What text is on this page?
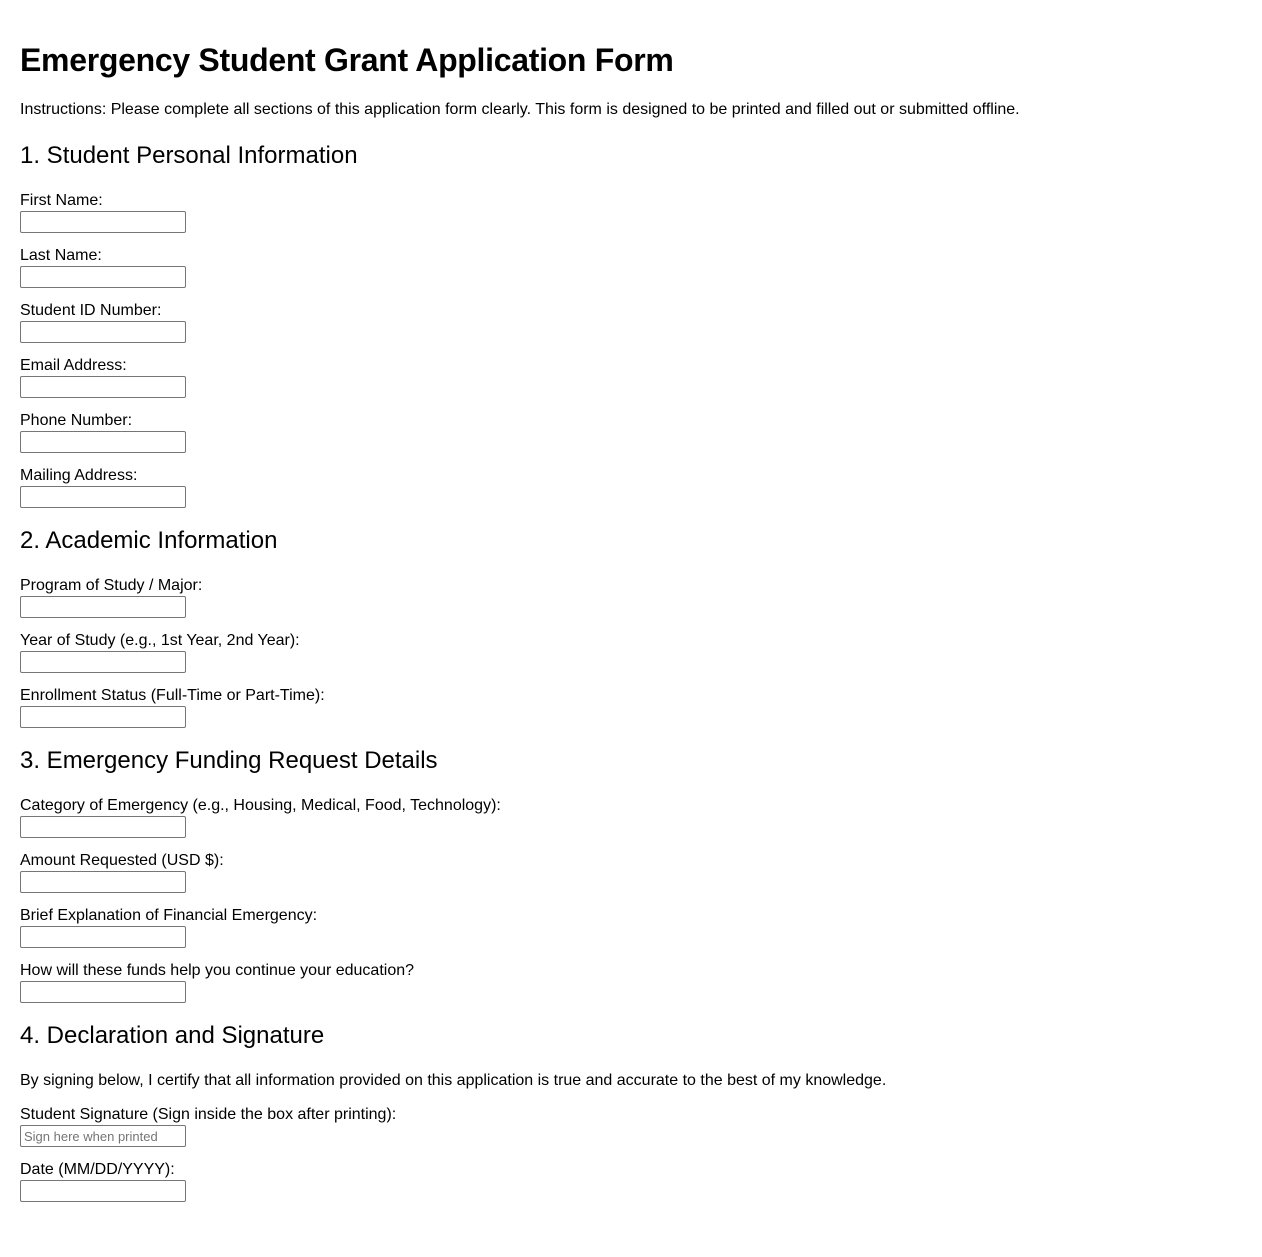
Emergency Student Grant Application Form

Instructions: Please complete all sections of this application form clearly. This form is designed to be printed and filled out or submitted offline.

1. Student Personal Information
First Name:
Last Name:
Student ID Number:
Email Address:
Phone Number:
Mailing Address:
2. Academic Information
Program of Study / Major:
Year of Study (e.g., 1st Year, 2nd Year):
Enrollment Status (Full-Time or Part-Time):
3. Emergency Funding Request Details
Category of Emergency (e.g., Housing, Medical, Food, Technology):
Amount Requested (USD $):
Brief Explanation of Financial Emergency:
How will these funds help you continue your education?
4. Declaration and Signature

By signing below, I certify that all information provided on this application is true and accurate to the best of my knowledge.

Student Signature (Sign inside the box after printing):
Sign here when printed
Date (MM/DD/YYYY):
